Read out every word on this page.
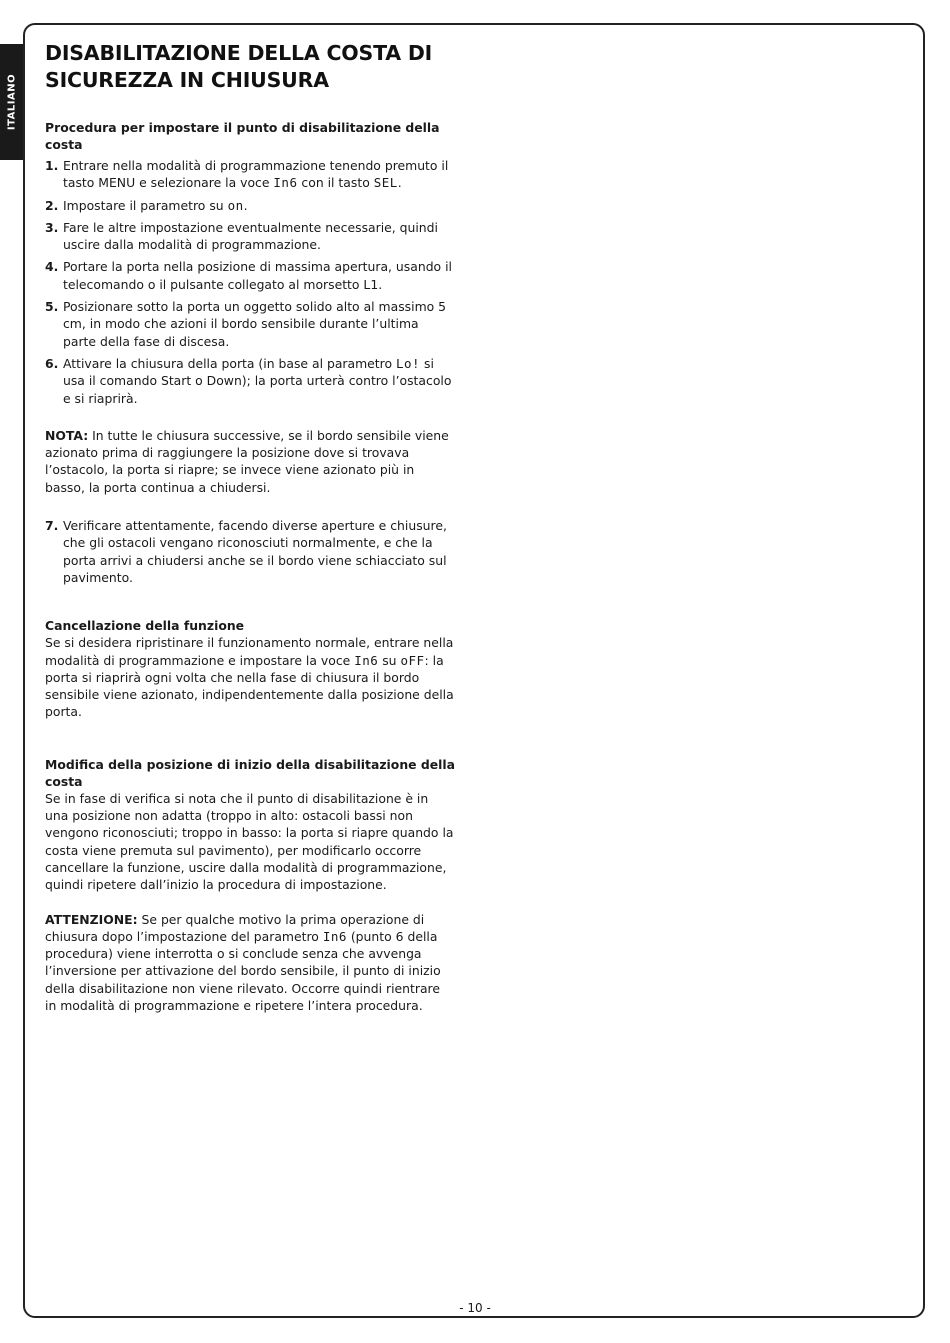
ITALIANO
DISABILITAZIONE DELLA COSTA DI SICUREZZA IN CHIUSURA

Procedura per impostare il punto di disabilitazione della costa

1. Entrare nella modalità di programmazione tenendo premuto il tasto MENU e selezionare la voce In6 con il tasto SEL.
2. Impostare il parametro su on.
3. Fare le altre impostazione eventualmente necessarie, quindi uscire dalla modalità di programmazione.
4. Portare la porta nella posizione di massima apertura, usando il telecomando o il pulsante collegato al morsetto L1.
5. Posizionare sotto la porta un oggetto solido alto al massimo 5 cm, in modo che azioni il bordo sensibile durante l’ultima parte della fase di discesa.
6. Attivare la chiusura della porta (in base al parametro Lo! si usa il comando Start o Down); la porta urterà contro l’ostacolo e si riaprirà.

NOTA: In tutte le chiusura successive, se il bordo sensibile viene azionato prima di raggiungere la posizione dove si trovava l’ostacolo, la porta si riapre; se invece viene azionato più in basso, la porta continua a chiudersi.

7. Verificare attentamente, facendo diverse aperture e chiusure, che gli ostacoli vengano riconosciuti normalmente, e che la porta arrivi a chiudersi anche se il bordo viene schiacciato sul pavimento.

Cancellazione della funzione

Se si desidera ripristinare il funzionamento normale, entrare nella modalità di programmazione e impostare la voce In6 su oFF: la porta si riaprirà ogni volta che nella fase di chiusura il bordo sensibile viene azionato, indipendentemente dalla posizione della porta.

Modifica della posizione di inizio della disabilitazione della costa

Se in fase di verifica si nota che il punto di disabilitazione è in una posizione non adatta (troppo in alto: ostacoli bassi non vengono riconosciuti; troppo in basso: la porta si riapre quando la costa viene premuta sul pavimento), per modificarlo occorre cancellare la funzione, uscire dalla modalità di programmazione, quindi ripetere dall’inizio la procedura di impostazione.

ATTENZIONE: Se per qualche motivo la prima operazione di chiusura dopo l’impostazione del parametro In6 (punto 6 della procedura) viene interrotta o si conclude senza che avvenga l’inversione per attivazione del bordo sensibile, il punto di inizio della disabilitazione non viene rilevato. Occorre quindi rientrare in modalità di programmazione e ripetere l’intera procedura.

- 10 -
